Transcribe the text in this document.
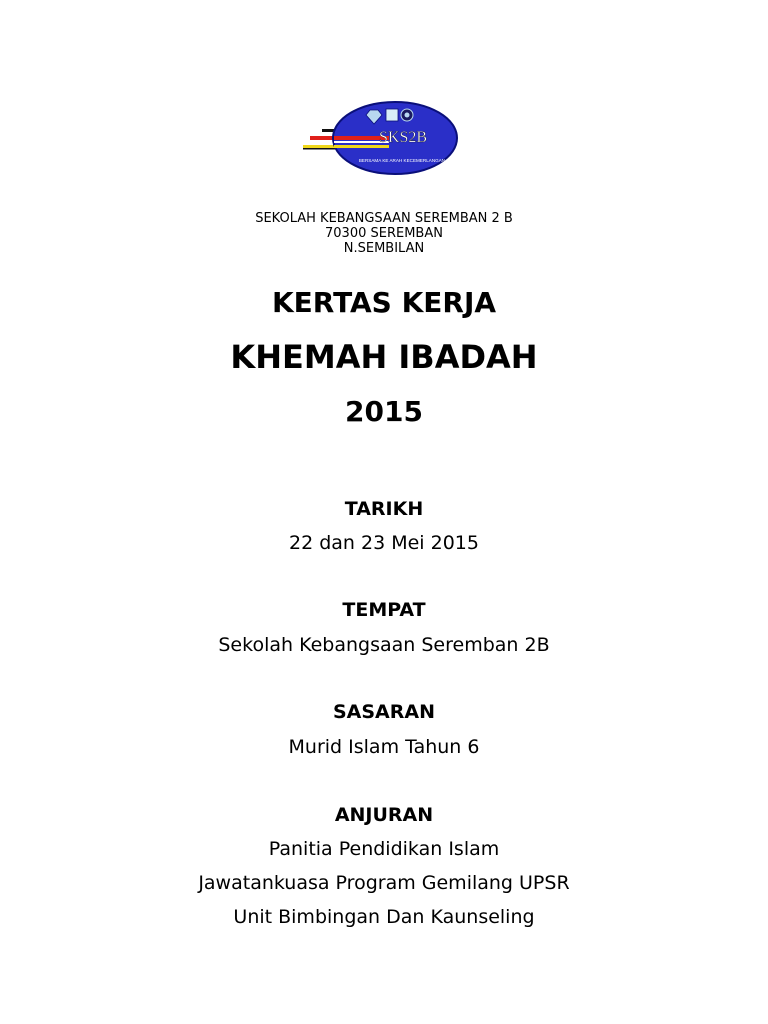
SKS2B
BERSAMA KE ARAH KECEMERLANGAN
SEKOLAH KEBANGSAAN SEREMBAN 2 B
70300 SEREMBAN
N.SEMBILAN
KERTAS KERJA
KHEMAH IBADAH
2015
TARIKH
22 dan 23 Mei 2015
TEMPAT
Sekolah Kebangsaan Seremban 2B
SASARAN
Murid Islam Tahun 6
ANJURAN
Panitia Pendidikan Islam
Jawatankuasa Program Gemilang UPSR
Unit Bimbingan Dan Kaunseling
